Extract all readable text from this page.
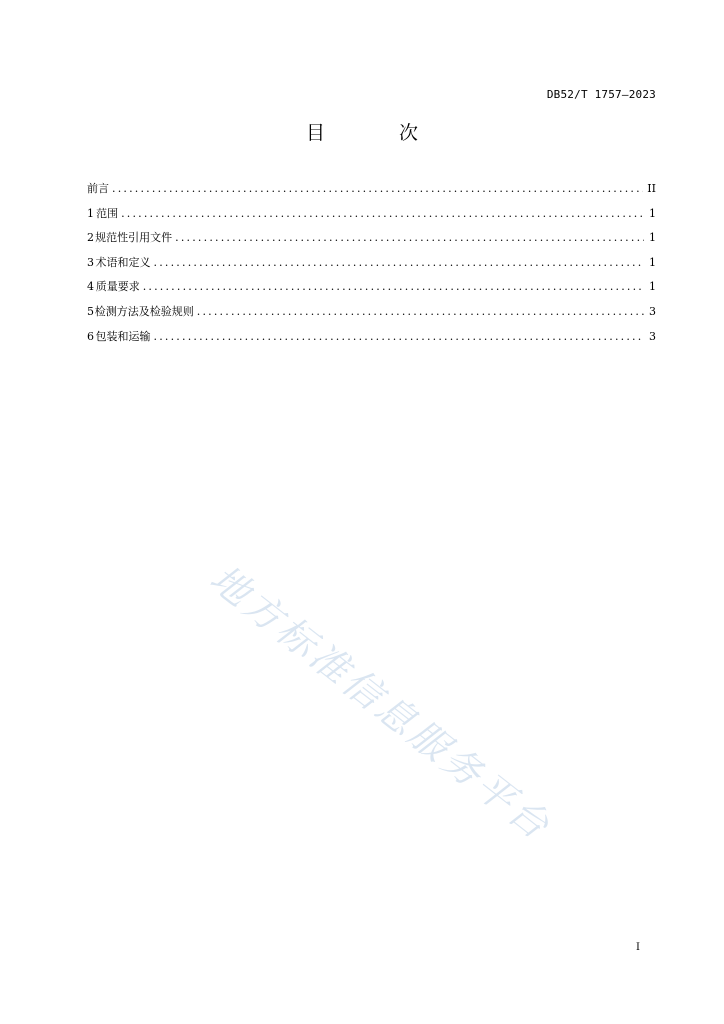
DB52/T 1757—2023
目 次
前言 .....	II
1 范围 .....	1
2 规范性引用文件 .....	1
3 术语和定义 .....	1
4 质量要求 .....	1
5 检测方法及检验规则 .....	3
6 包装和运输 .....	3
地方标准信息服务平台
I
